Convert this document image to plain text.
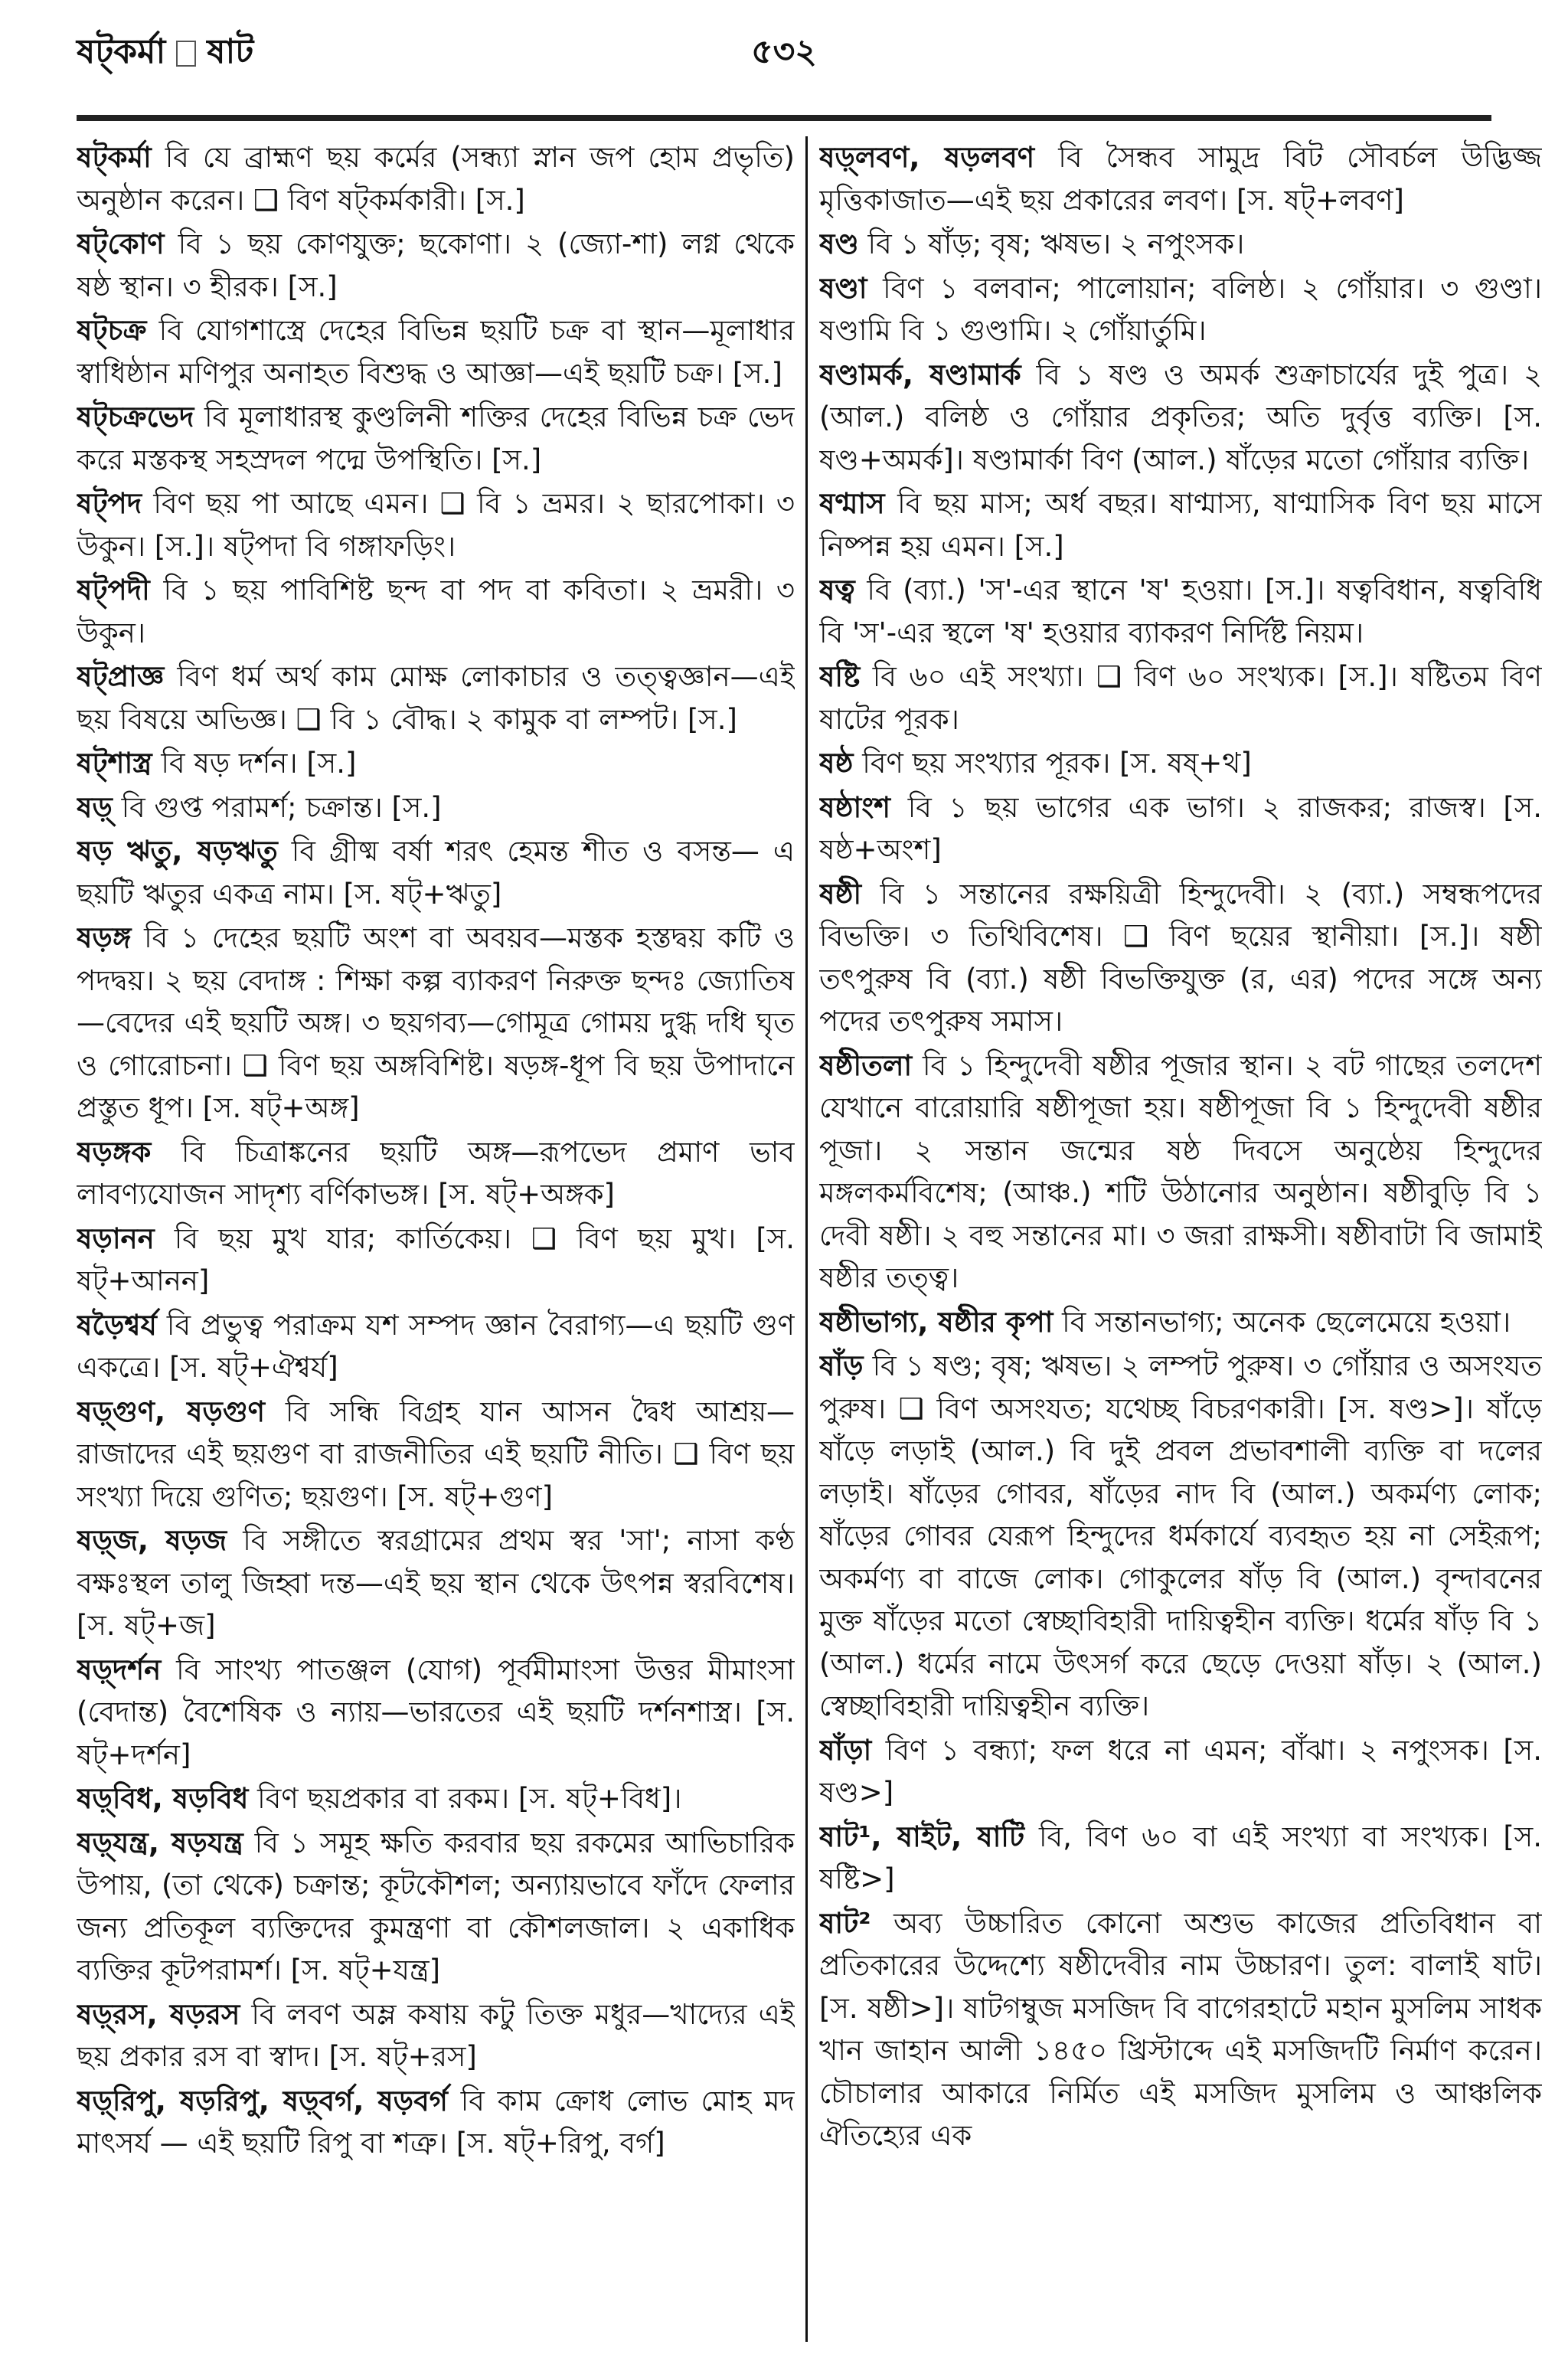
ষট্‌কর্মা ষাট	৫৩২

ষট্‌কর্মা বি যে ব্রাহ্মণ ছয় কর্মের (সন্ধ্যা স্নান জপ হোম প্রভৃতি) অনুষ্ঠান করেন। ❑ বিণ ষট্‌কর্মকারী। [স.]

ষট্‌কোণ বি ১ ছয় কোণযুক্ত; ছকোণা। ২ (জ্যো-শা) লগ্ন থেকে ষষ্ঠ স্থান। ৩ হীরক। [স.]

ষট্‌চক্র বি যোগশাস্ত্রে দেহের বিভিন্ন ছয়টি চক্র বা স্থান—মূলাধার স্বাধিষ্ঠান মণিপুর অনাহত বিশুদ্ধ ও আজ্ঞা—এই ছয়টি চক্র। [স.]

ষট্‌চক্রভেদ বি মূলাধারস্থ কুণ্ডলিনী শক্তির দেহের বিভিন্ন চক্র ভেদ করে মস্তকস্থ সহস্রদল পদ্মে উপস্থিতি। [স.]

ষট্‌পদ বিণ ছয় পা আছে এমন। ❑ বি ১ ভ্রমর। ২ ছারপোকা। ৩ উকুন। [স.]। ষট্‌পদা বি গঙ্গাফড়িং।

ষট্‌পদী বি ১ ছয় পাবিশিষ্ট ছন্দ বা পদ বা কবিতা। ২ ভ্রমরী। ৩ উকুন।

ষট্‌প্রাজ্ঞ বিণ ধর্ম অর্থ কাম মোক্ষ লোকাচার ও তত্ত্বজ্ঞান—এই ছয় বিষয়ে অভিজ্ঞ। ❑ বি ১ বৌদ্ধ। ২ কামুক বা লম্পট। [স.]

ষট্‌শাস্ত্র বি ষড় দর্শন। [স.]

ষড়্‌ বি গুপ্ত পরামর্শ; চক্রান্ত। [স.]

ষড় ঋতু, ষড়ঋতু বি গ্রীষ্ম বর্ষা শরৎ হেমন্ত শীত ও বসন্ত— এ ছয়টি ঋতুর একত্র নাম। [স. ষট্‌+ঋতু]

ষড়ঙ্গ বি ১ দেহের ছয়টি অংশ বা অবয়ব—মস্তক হস্তদ্বয় কটি ও পদদ্বয়। ২ ছয় বেদাঙ্গ : শিক্ষা কল্প ব্যাকরণ নিরুক্ত ছন্দঃ জ্যোতিষ—বেদের এই ছয়টি অঙ্গ। ৩ ছয়গব্য—গোমূত্র গোময় দুগ্ধ দধি ঘৃত ও গোরোচনা। ❑ বিণ ছয় অঙ্গবিশিষ্ট। ষড়ঙ্গ-ধূপ বি ছয় উপাদানে প্রস্তুত ধূপ। [স. ষট্‌+অঙ্গ]

ষড়ঙ্গক বি চিত্রাঙ্কনের ছয়টি অঙ্গ—রূপভেদ প্রমাণ ভাব লাবণ্যযোজন সাদৃশ্য বর্ণিকাভঙ্গ। [স. ষট্‌+অঙ্গক]

ষড়ানন বি ছয় মুখ যার; কার্তিকেয়। ❑ বিণ ছয় মুখ। [স. ষট্‌+আনন]

ষড়ৈশ্বর্য বি প্রভুত্ব পরাক্রম যশ সম্পদ জ্ঞান বৈরাগ্য—এ ছয়টি গুণ একত্রে। [স. ষট্‌+ঐশ্বর্য]

ষড়্‌গুণ, ষড়গুণ বি সন্ধি বিগ্রহ যান আসন দ্বৈধ আশ্রয়—রাজাদের এই ছয়গুণ বা রাজনীতির এই ছয়টি নীতি। ❑ বিণ ছয় সংখ্যা দিয়ে গুণিত; ছয়গুণ। [স. ষট্‌+গুণ]

ষড়্‌জ, ষড়জ বি সঙ্গীতে স্বরগ্রামের প্রথম স্বর 'সা'; নাসা কণ্ঠ বক্ষঃস্থল তালু জিহ্বা দন্ত—এই ছয় স্থান থেকে উৎপন্ন স্বরবিশেষ। [স. ষট্‌+জ]

ষড়্‌দর্শন বি সাংখ্য পাতঞ্জল (যোগ) পূর্বমীমাংসা উত্তর মীমাংসা (বেদান্ত) বৈশেষিক ও ন্যায়—ভারতের এই ছয়টি দর্শনশাস্ত্র। [স. ষট্‌+দর্শন]

ষড়্‌বিধ, ষড়বিধ বিণ ছয়প্রকার বা রকম। [স. ষট্‌+বিধ]।

ষড়্‌যন্ত্র, ষড়যন্ত্র বি ১ সমূহ ক্ষতি করবার ছয় রকমের আভিচারিক উপায়, (তা থেকে) চক্রান্ত; কূটকৌশল; অন্যায়ভাবে ফাঁদে ফেলার জন্য প্রতিকূল ব্যক্তিদের কুমন্ত্রণা বা কৌশলজাল। ২ একাধিক ব্যক্তির কূটপরামর্শ। [স. ষট্‌+যন্ত্র]

ষড়্‌রস, ষড়রস বি লবণ অম্ল কষায় কটু তিক্ত মধুর—খাদ্যের এই ছয় প্রকার রস বা স্বাদ। [স. ষট্‌+রস]

ষড়্‌রিপু, ষড়রিপু, ষড়্‌বর্গ, ষড়বর্গ বি কাম ক্রোধ লোভ মোহ মদ মাৎসর্য — এই ছয়টি রিপু বা শত্রু। [স. ষট্‌+রিপু, বর্গ]

ষড়্‌লবণ, ষড়লবণ বি সৈন্ধব সামুদ্র বিট সৌবর্চল উদ্ভিজ্জ মৃত্তিকাজাত—এই ছয় প্রকারের লবণ। [স. ষট্‌+লবণ]

ষণ্ড বি ১ ষাঁড়; বৃষ; ঋষভ। ২ নপুংসক।

ষণ্ডা বিণ ১ বলবান; পালোয়ান; বলিষ্ঠ। ২ গোঁয়ার। ৩ গুণ্ডা। ষণ্ডামি বি ১ গুণ্ডামি। ২ গোঁয়ার্তুমি।

ষণ্ডামর্ক, ষণ্ডামার্ক বি ১ ষণ্ড ও অমর্ক শুক্রাচার্যের দুই পুত্র। ২ (আল.) বলিষ্ঠ ও গোঁয়ার প্রকৃতির; অতি দুর্বৃত্ত ব্যক্তি। [স. ষণ্ড+অমর্ক]। ষণ্ডামার্কা বিণ (আল.) ষাঁড়ের মতো গোঁয়ার ব্যক্তি।

ষণ্মাস বি ছয় মাস; অর্ধ বছর। ষাণ্মাস্য, ষাণ্মাসিক বিণ ছয় মাসে নিষ্পন্ন হয় এমন। [স.]

ষত্ব বি (ব্যা.) 'স'-এর স্থানে 'ষ' হওয়া। [স.]। ষত্ববিধান, ষত্ববিধি বি 'স'-এর স্থলে 'ষ' হওয়ার ব্যাকরণ নির্দিষ্ট নিয়ম।

ষষ্টি বি ৬০ এই সংখ্যা। ❑ বিণ ৬০ সংখ্যক। [স.]। ষষ্টিতম বিণ ষাটের পূরক।

ষষ্ঠ বিণ ছয় সংখ্যার পূরক। [স. ষষ্‌+থ]

ষষ্ঠাংশ বি ১ ছয় ভাগের এক ভাগ। ২ রাজকর; রাজস্ব। [স. ষষ্ঠ+অংশ]

ষষ্ঠী বি ১ সন্তানের রক্ষয়িত্রী হিন্দুদেবী। ২ (ব্যা.) সম্বন্ধপদের বিভক্তি। ৩ তিথিবিশেষ। ❑ বিণ ছয়ের স্থানীয়া। [স.]। ষষ্ঠী তৎপুরুষ বি (ব্যা.) ষষ্ঠী বিভক্তিযুক্ত (র, এর) পদের সঙ্গে অন্য পদের তৎপুরুষ সমাস।

ষষ্ঠীতলা বি ১ হিন্দুদেবী ষষ্ঠীর পূজার স্থান। ২ বট গাছের তলদেশ যেখানে বারোয়ারি ষষ্ঠীপূজা হয়। ষষ্ঠীপূজা বি ১ হিন্দুদেবী ষষ্ঠীর পূজা। ২ সন্তান জন্মের ষষ্ঠ দিবসে অনুষ্ঠেয় হিন্দুদের মঙ্গলকর্মবিশেষ; (আঞ্চ.) শটি উঠানোর অনুষ্ঠান। ষষ্ঠীবুড়ি বি ১ দেবী ষষ্ঠী। ২ বহু সন্তানের মা। ৩ জরা রাক্ষসী। ষষ্ঠীবাটা বি জামাই ষষ্ঠীর তত্ত্ব।

ষষ্ঠীভাগ্য, ষষ্ঠীর কৃপা বি সন্তানভাগ্য; অনেক ছেলেমেয়ে হওয়া।

ষাঁড় বি ১ ষণ্ড; বৃষ; ঋষভ। ২ লম্পট পুরুষ। ৩ গোঁয়ার ও অসংযত পুরুষ। ❑ বিণ অসংযত; যথেচ্ছ বিচরণকারী। [স. ষণ্ড>]। ষাঁড়ে ষাঁড়ে লড়াই (আল.) বি দুই প্রবল প্রভাবশালী ব্যক্তি বা দলের লড়াই। ষাঁড়ের গোবর, ষাঁড়ের নাদ বি (আল.) অকর্মণ্য লোক; ষাঁড়ের গোবর যেরূপ হিন্দুদের ধর্মকার্যে ব্যবহৃত হয় না সেইরূপ; অকর্মণ্য বা বাজে লোক। গোকুলের ষাঁড় বি (আল.) বৃন্দাবনের মুক্ত ষাঁড়ের মতো স্বেচ্ছাবিহারী দায়িত্বহীন ব্যক্তি। ধর্মের ষাঁড় বি ১ (আল.) ধর্মের নামে উৎসর্গ করে ছেড়ে দেওয়া ষাঁড়। ২ (আল.) স্বেচ্ছাবিহারী দায়িত্বহীন ব্যক্তি।

ষাঁড়া বিণ ১ বন্ধ্যা; ফল ধরে না এমন; বাঁঝা। ২ নপুংসক। [স. ষণ্ড>]

ষাট¹, ষাইট, ষাটি বি, বিণ ৬০ বা এই সংখ্যা বা সংখ্যক। [স. ষষ্টি>]

ষাট² অব্য উচ্চারিত কোনো অশুভ কাজের প্রতিবিধান বা প্রতিকারের উদ্দেশ্যে ষষ্ঠীদেবীর নাম উচ্চারণ। তুল: বালাই ষাট। [স. ষষ্ঠী>]। ষাটগম্বুজ মসজিদ বি বাগেরহাটে মহান মুসলিম সাধক খান জাহান আলী ১৪৫০ খ্রিস্টাব্দে এই মসজিদটি নির্মাণ করেন। চৌচালার আকারে নির্মিত এই মসজিদ মুসলিম ও আঞ্চলিক ঐতিহ্যের এক
